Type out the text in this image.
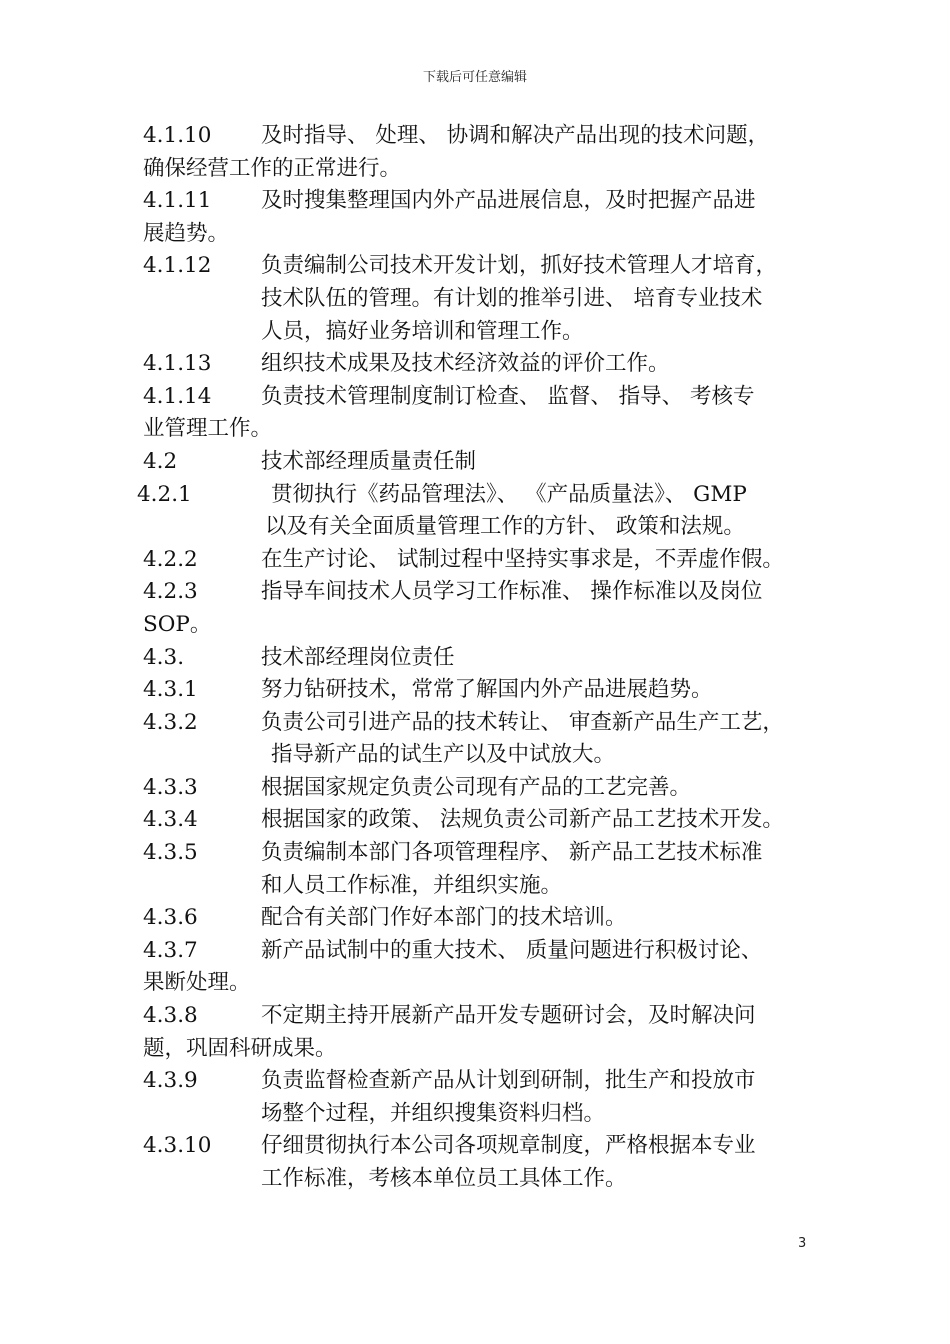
下载后可任意编辑
4.1.10 及时指导、 处理、 协调和解决产品出现的技术问题，
确保经营工作的正常进行。
4.1.11 及时搜集整理国内外产品进展信息，及时把握产品进
展趋势。
4.1.12 负责编制公司技术开发计划，抓好技术管理人才培育，
技术队伍的管理。有计划的推举引进、 培育专业技术
人员，搞好业务培训和管理工作。
4.1.13 组织技术成果及技术经济效益的评价工作。
4.1.14 负责技术管理制度制订检查、 监督、 指导、 考核专
业管理工作。
4.2	技术部经理质量责任制
4.2.1	贯彻执行《药品管理法》、 《产品质量法》、 GMP
以及有关全面质量管理工作的方针、 政策和法规。
4.2.2	在生产讨论、 试制过程中坚持实事求是，不弄虚作假。
4.2.3	指导车间技术人员学习工作标准、 操作标准以及岗位
SOP。
4.3.	技术部经理岗位责任
4.3.1	努力钻研技术，常常了解国内外产品进展趋势。
4.3.2	负责公司引进产品的技术转让、 审查新产品生产工艺，
指导新产品的试生产以及中试放大。
4.3.3	根据国家规定负责公司现有产品的工艺完善。
4.3.4	根据国家的政策、 法规负责公司新产品工艺技术开发。
4.3.5	负责编制本部门各项管理程序、 新产品工艺技术标准
和人员工作标准，并组织实施。
4.3.6	配合有关部门作好本部门的技术培训。
4.3.7	新产品试制中的重大技术、 质量问题进行积极讨论、
果断处理。
4.3.8	不定期主持开展新产品开发专题研讨会，及时解决问
题，巩固科研成果。
4.3.9	负责监督检查新产品从计划到研制，批生产和投放市
场整个过程，并组织搜集资料归档。
4.3.10 仔细贯彻执行本公司各项规章制度，严格根据本专业
工作标准，考核本单位员工具体工作。
3
